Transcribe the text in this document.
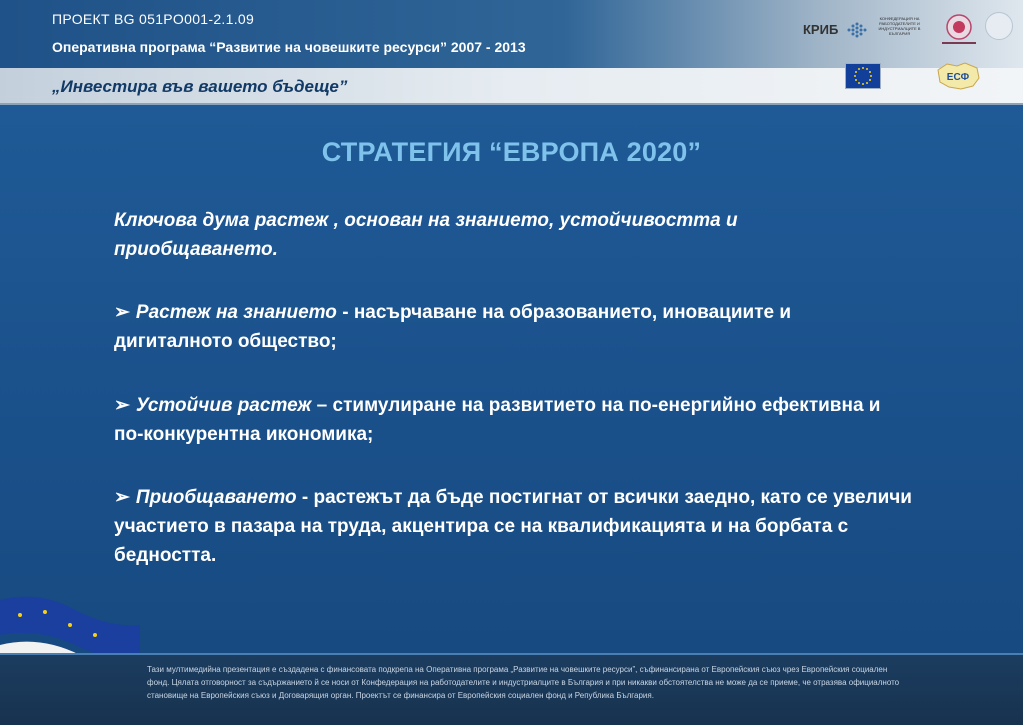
ПРОЕКТ BG 051PO001-2.1.09
Оперативна програма “Развитие на човешките ресурси” 2007 - 2013
„Инвестира във вашето бъдеще”
КРИБ
КОНФЕДЕРАЦИЯ НА РАБОТОДАТЕЛИТЕ И ИНДУСТРИАЛЦИТЕ В БЪЛГАРИЯ
ЕСФ
СТРАТЕГИЯ “ЕВРОПА 2020”
Ключова дума растеж , основан на знанието, устойчивостта и приобщаването.
➢ Растеж на знанието - насърчаване на образованието, иновациите и дигиталното общество;
➢ Устойчив растеж – стимулиране на развитието на по-енергийно ефективна и по-конкурентна икономика;
➢ Приобщаването - растежът да бъде постигнат от всички заедно, като се увеличи участието в пазара на труда, акцентира се на квалификацията и на борбата с бедността.
Тази мултимедийна презентация е създадена с финансовата подкрепа на Оперативна програма „Развитие на човешките ресурси”, съфинансирана от Европейския съюз чрез Европейския социален фонд. Цялата отговорност за съдържанието й се носи от Конфедерация на работодателите и индустриалците в България и при никакви обстоятелства не може да се приеме, че отразява официалното становище на Европейския съюз и Договарящия орган. Проектът се финансира от Европейския социален фонд и Република България.
